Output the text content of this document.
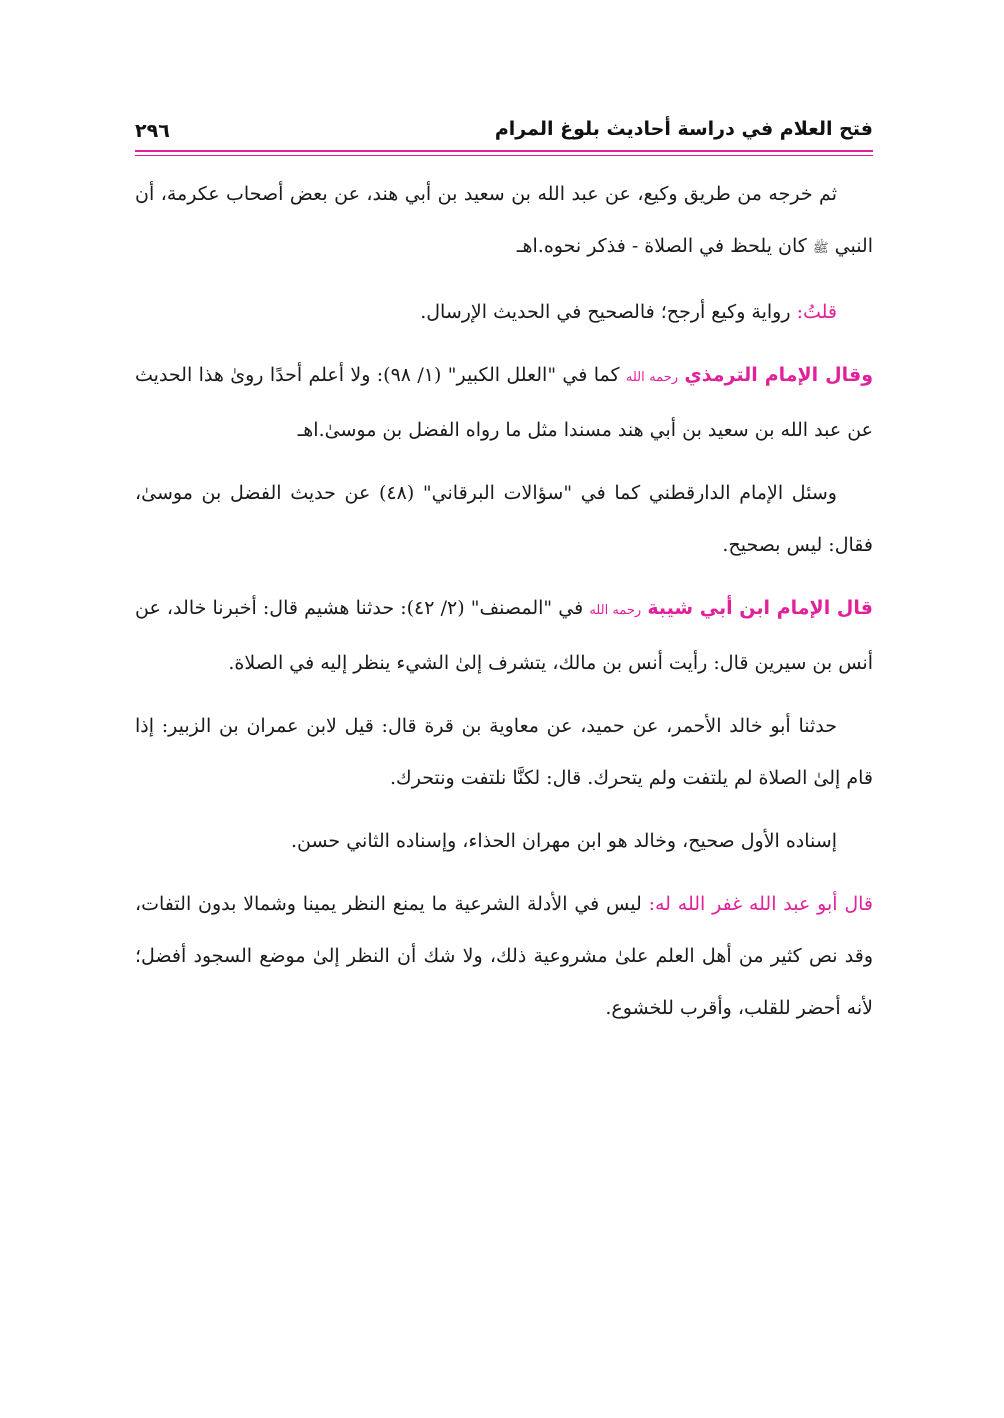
فتح العلام في دراسة أحاديث بلوغ المرام
٢٩٦

ثم خرجه من طريق وكيع، عن عبد الله بن سعيد بن أبي هند، عن بعض أصحاب عكرمة، أن النبي ﷺ كان يلحظ في الصلاة - فذكر نحوه.اهـ

قلتُ: رواية وكيع أرجح؛ فالصحيح في الحديث الإرسال.

وقال الإمام الترمذي رحمه الله كما في "العلل الكبير" (١/ ٩٨): ولا أعلم أحدًا رویٰ هذا الحديث عن عبد الله بن سعيد بن أبي هند مسندا مثل ما رواه الفضل بن موسیٰ.اهـ

وسئل الإمام الدارقطني كما في "سؤالات البرقاني" (٤٨) عن حديث الفضل بن موسیٰ، فقال: ليس بصحيح.

قال الإمام ابن أبي شيبة رحمه الله في "المصنف" (٢/ ٤٢): حدثنا هشيم قال: أخبرنا خالد، عن أنس بن سيرين قال: رأيت أنس بن مالك، يتشرف إلىٰ الشيء ينظر إليه في الصلاة.

حدثنا أبو خالد الأحمر، عن حميد، عن معاوية بن قرة قال: قيل لابن عمران بن الزبير: إذا قام إلىٰ الصلاة لم يلتفت ولم يتحرك. قال: لكنَّا نلتفت ونتحرك.

إسناده الأول صحيح، وخالد هو ابن مهران الحذاء، وإسناده الثاني حسن.

قال أبو عبد الله غفر الله له: ليس في الأدلة الشرعية ما يمنع النظر يمينا وشمالا بدون التفات، وقد نص كثير من أهل العلم علىٰ مشروعية ذلك، ولا شك أن النظر إلىٰ موضع السجود أفضل؛ لأنه أحضر للقلب، وأقرب للخشوع.
